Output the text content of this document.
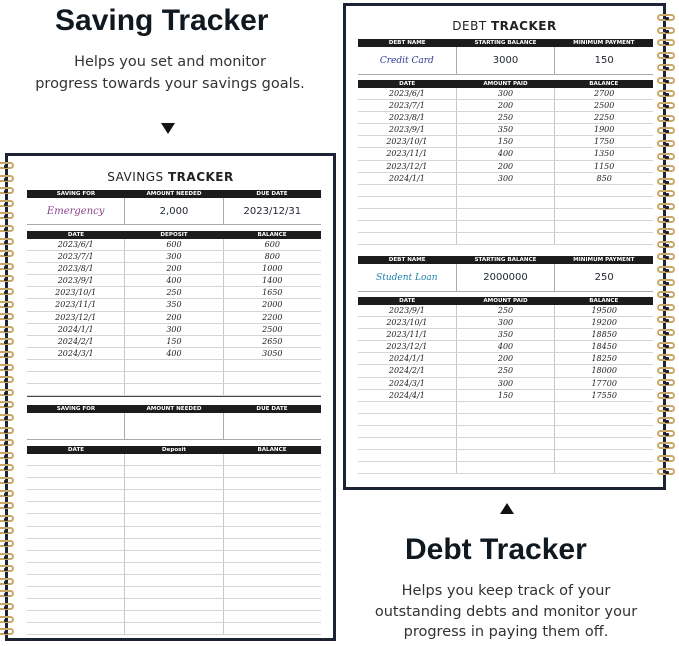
Saving Tracker

Helps you set and monitor

progress towards your savings goals.

SAVINGS TRACKER
SAVING FOR	AMOUNT NEEDED	DUE DATE
Emergency	2,000	2023/12/31
DATE	DEPOSIT	BALANCE
2023/6/1	600	600
2023/7/1	300	800
2023/8/1	200	1000
2023/9/1	400	1400
2023/10/1	250	1650
2023/11/1	350	2000
2023/12/1	200	2200
2024/1/1	300	2500
2024/2/1	150	2650
2024/3/1	400	3050
SAVING FOR	AMOUNT NEEDED	DUE DATE
DATE	Deposit	BALANCE
DEBT TRACKER
DEBT NAME	STARTING BALANCE	MINIMUM PAYMENT
Credit Card	3000	150
DATE	AMOUNT PAID	BALANCE
2023/6/1	300	2700
2023/7/1	200	2500
2023/8/1	250	2250
2023/9/1	350	1900
2023/10/1	150	1750
2023/11/1	400	1350
2023/12/1	200	1150
2024/1/1	300	850
DEBT NAME	STARTING BALANCE	MINIMUM PAYMENT
Student Loan	2000000	250
DATE	AMOUNT PAID	BALANCE
2023/9/1	250	19500
2023/10/1	300	19200
2023/11/1	350	18850
2023/12/1	400	18450
2024/1/1	200	18250
2024/2/1	250	18000
2024/3/1	300	17700
2024/4/1	150	17550
Debt Tracker

Helps you keep track of your

outstanding debts and monitor your

progress in paying them off.
